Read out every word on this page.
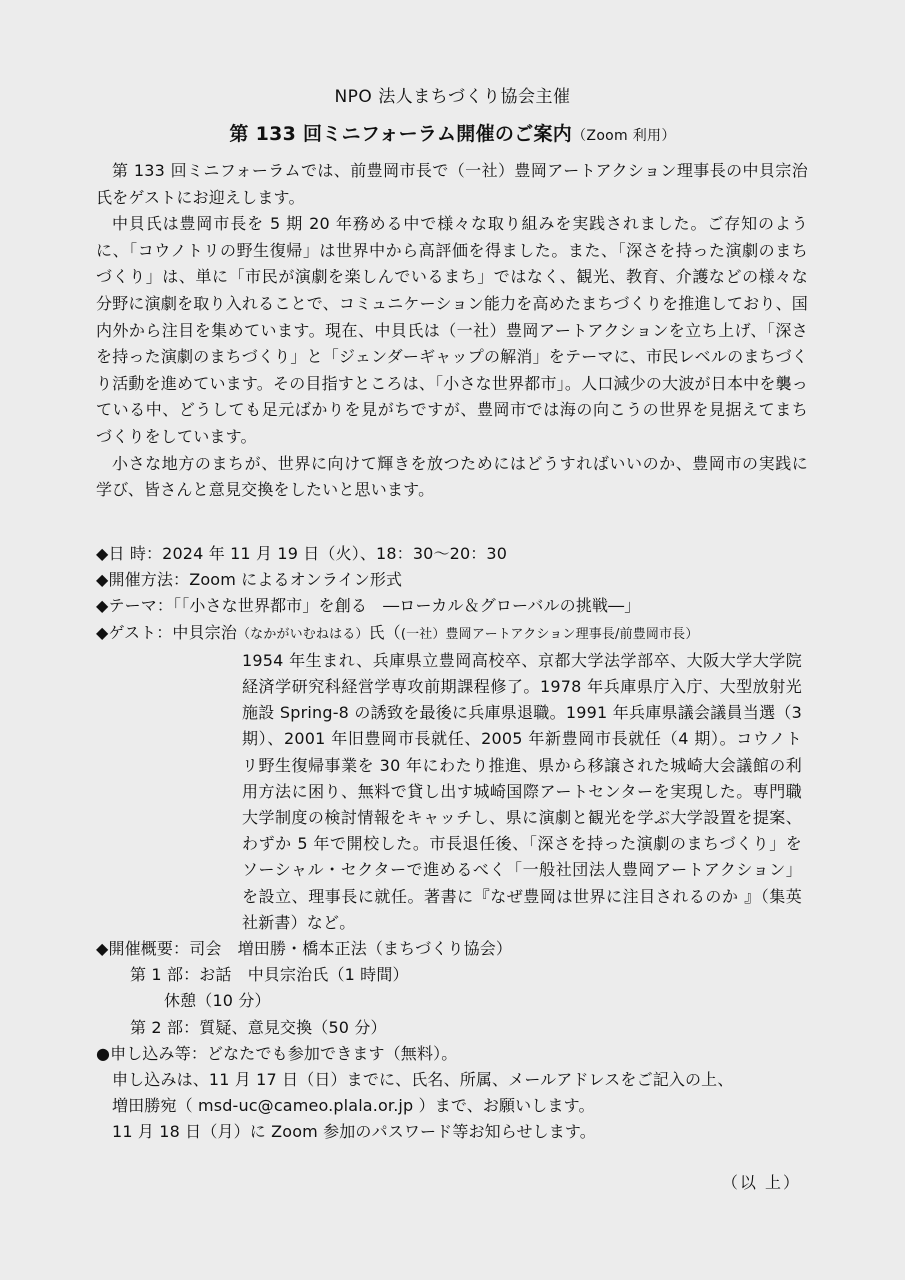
NPO 法人まちづくり協会主催
第 133 回ミニフォーラム開催のご案内（Zoom 利用）

第 133 回ミニフォーラムでは、前豊岡市長で（一社）豊岡アートアクション理事長の中貝宗治氏をゲストにお迎えします。

中貝氏は豊岡市長を 5 期 20 年務める中で様々な取り組みを実践されました。ご存知のように、「コウノトリの野生復帰」は世界中から高評価を得ました。また、「深さを持った演劇のまちづくり」は、単に「市民が演劇を楽しんでいるまち」ではなく、観光、教育、介護などの様々な分野に演劇を取り入れることで、コミュニケーション能力を高めたまちづくりを推進しており、国内外から注目を集めています。現在、中貝氏は（一社）豊岡アートアクションを立ち上げ、「深さを持った演劇のまちづくり」と「ジェンダーギャップの解消」をテーマに、市民レベルのまちづくり活動を進めています。その目指すところは、「小さな世界都市」。人口減少の大波が日本中を襲っている中、どうしても足元ばかりを見がちですが、豊岡市では海の向こうの世界を見据えてまちづくりをしています。

小さな地方のまちが、世界に向けて輝きを放つためにはどうすればいいのか、豊岡市の実践に学び、皆さんと意見交換をしたいと思います。

◆日 時：2024 年 11 月 19 日（火）、18：30〜20：30
◆開催方法：Zoom によるオンライン形式
◆テーマ：｢｢小さな世界都市」を創る　―ローカル＆グローバルの挑戦―」
◆ゲスト：中貝宗治（なかがいむねはる）氏（(一社）豊岡アートアクション理事長/前豊岡市長）
1954 年生まれ、兵庫県立豊岡高校卒、京都大学法学部卒、大阪大学大学院経済学研究科経営学専攻前期課程修了。1978 年兵庫県庁入庁、大型放射光施設 Spring-8 の誘致を最後に兵庫県退職。1991 年兵庫県議会議員当選（3 期）、2001 年旧豊岡市長就任、2005 年新豊岡市長就任（4 期）。コウノトリ野生復帰事業を 30 年にわたり推進、県から移譲された城崎大会議館の利用方法に困り、無料で貸し出す城崎国際アートセンターを実現した。専門職大学制度の検討情報をキャッチし、県に演劇と観光を学ぶ大学設置を提案、わずか 5 年で開校した。市長退任後、「深さを持った演劇のまちづくり」をソーシャル・セクターで進めるべく「一般社団法人豊岡アートアクション」を設立、理事長に就任。著書に『なぜ豊岡は世界に注目されるのか 』（集英社新書）など。
◆開催概要：司会　増田勝・橋本正法（まちづくり協会）
第 1 部：お話　中貝宗治氏（1 時間）
休憩（10 分）
第 2 部：質疑、意見交換（50 分）
●申し込み等：どなたでも参加できます（無料）。
申し込みは、11 月 17 日（日）までに、氏名、所属、メールアドレスをご記入の上、
増田勝宛（ msd-uc@cameo.plala.or.jp ）まで、お願いします。
11 月 18 日（月）に Zoom 参加のパスワード等お知らせします。
（以 上）
